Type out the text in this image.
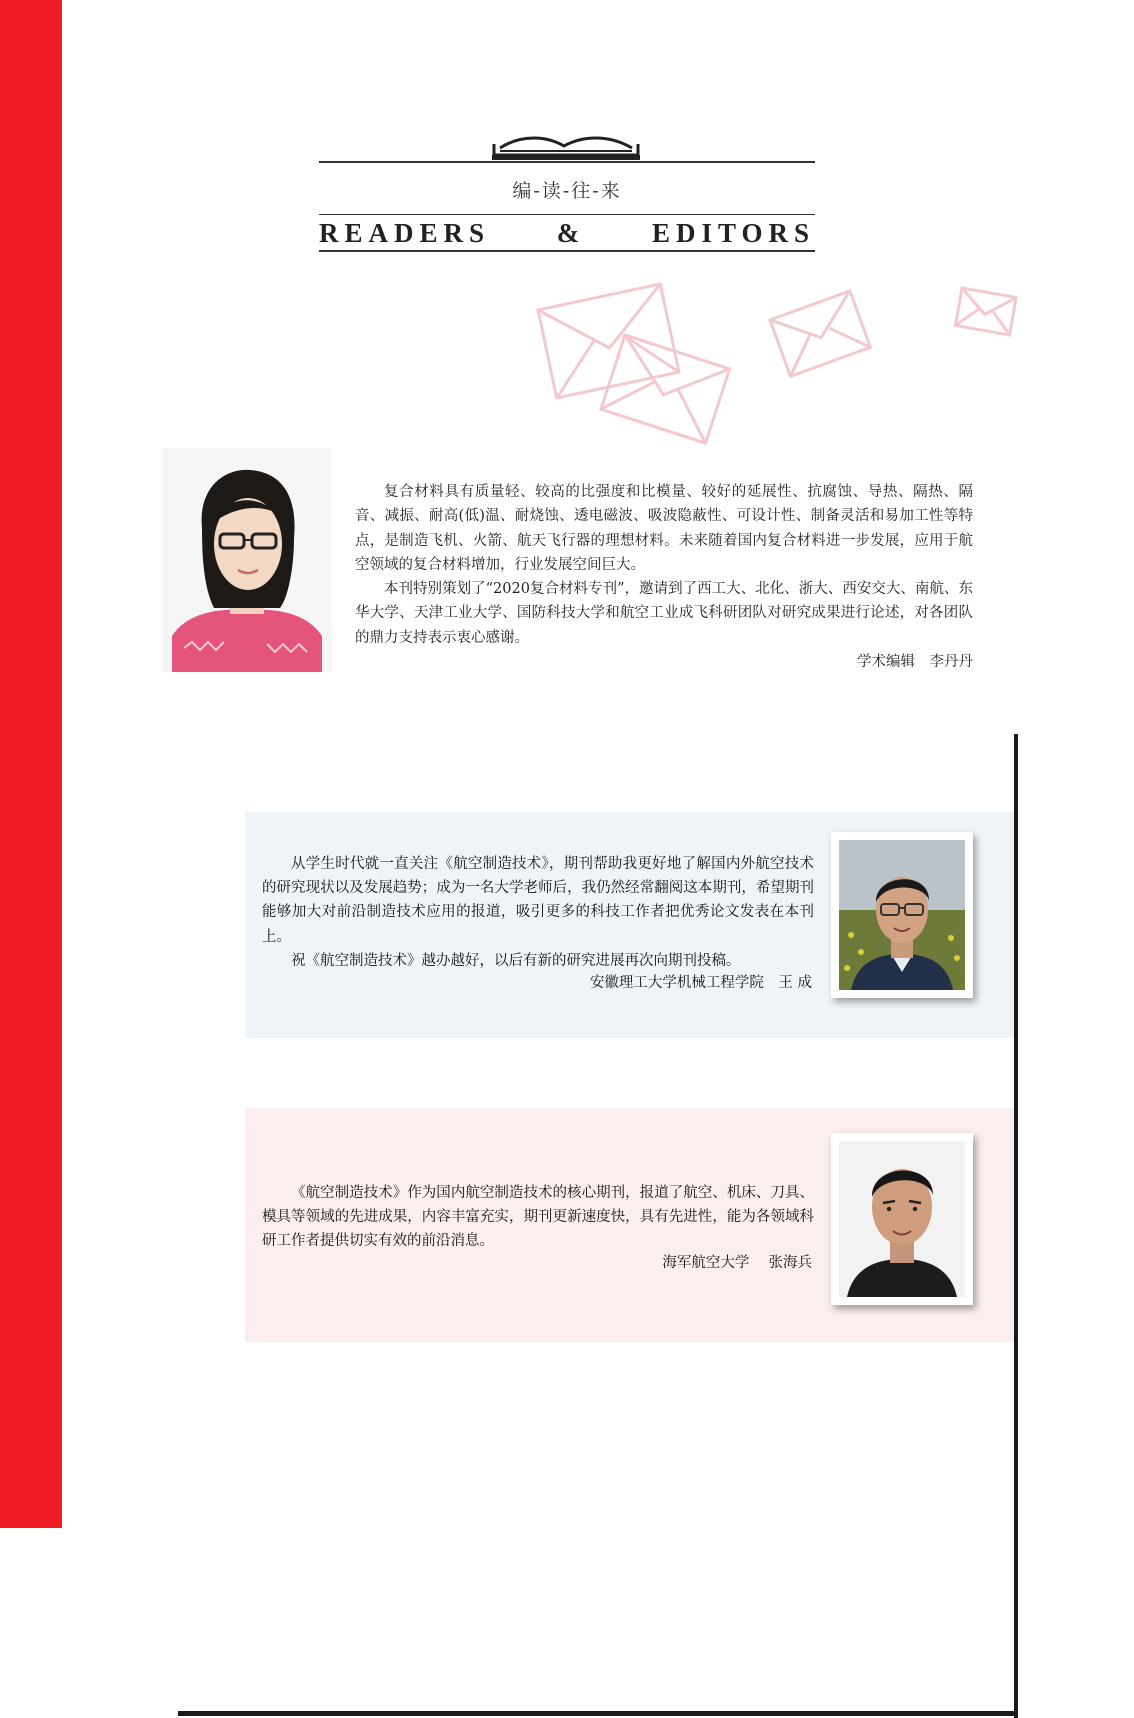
编-读-往-来
READERS & EDITORS

复合材料具有质量轻、较高的比强度和比模量、较好的延展性、抗腐蚀、导热、隔热、隔音、减振、耐高(低)温、耐烧蚀、透电磁波、吸波隐蔽性、可设计性、制备灵活和易加工性等特点，是制造飞机、火箭、航天飞行器的理想材料。未来随着国内复合材料进一步发展，应用于航空领域的复合材料增加，行业发展空间巨大。

本刊特别策划了“2020复合材料专刊”，邀请到了西工大、北化、浙大、西安交大、南航、东华大学、天津工业大学、国防科技大学和航空工业成飞科研团队对研究成果进行论述，对各团队的鼎力支持表示衷心感谢。

学术编辑　李丹丹

从学生时代就一直关注《航空制造技术》，期刊帮助我更好地了解国内外航空技术的研究现状以及发展趋势；成为一名大学老师后，我仍然经常翻阅这本期刊，希望期刊能够加大对前沿制造技术应用的报道，吸引更多的科技工作者把优秀论文发表在本刊上。

祝《航空制造技术》越办越好，以后有新的研究进展再次向期刊投稿。

安徽理工大学机械工程学院　王 成

《航空制造技术》作为国内航空制造技术的核心期刊，报道了航空、机床、刀具、模具等领域的先进成果，内容丰富充实，期刊更新速度快，具有先进性，能为各领域科研工作者提供切实有效的前沿消息。

海军航空大学　 张海兵
